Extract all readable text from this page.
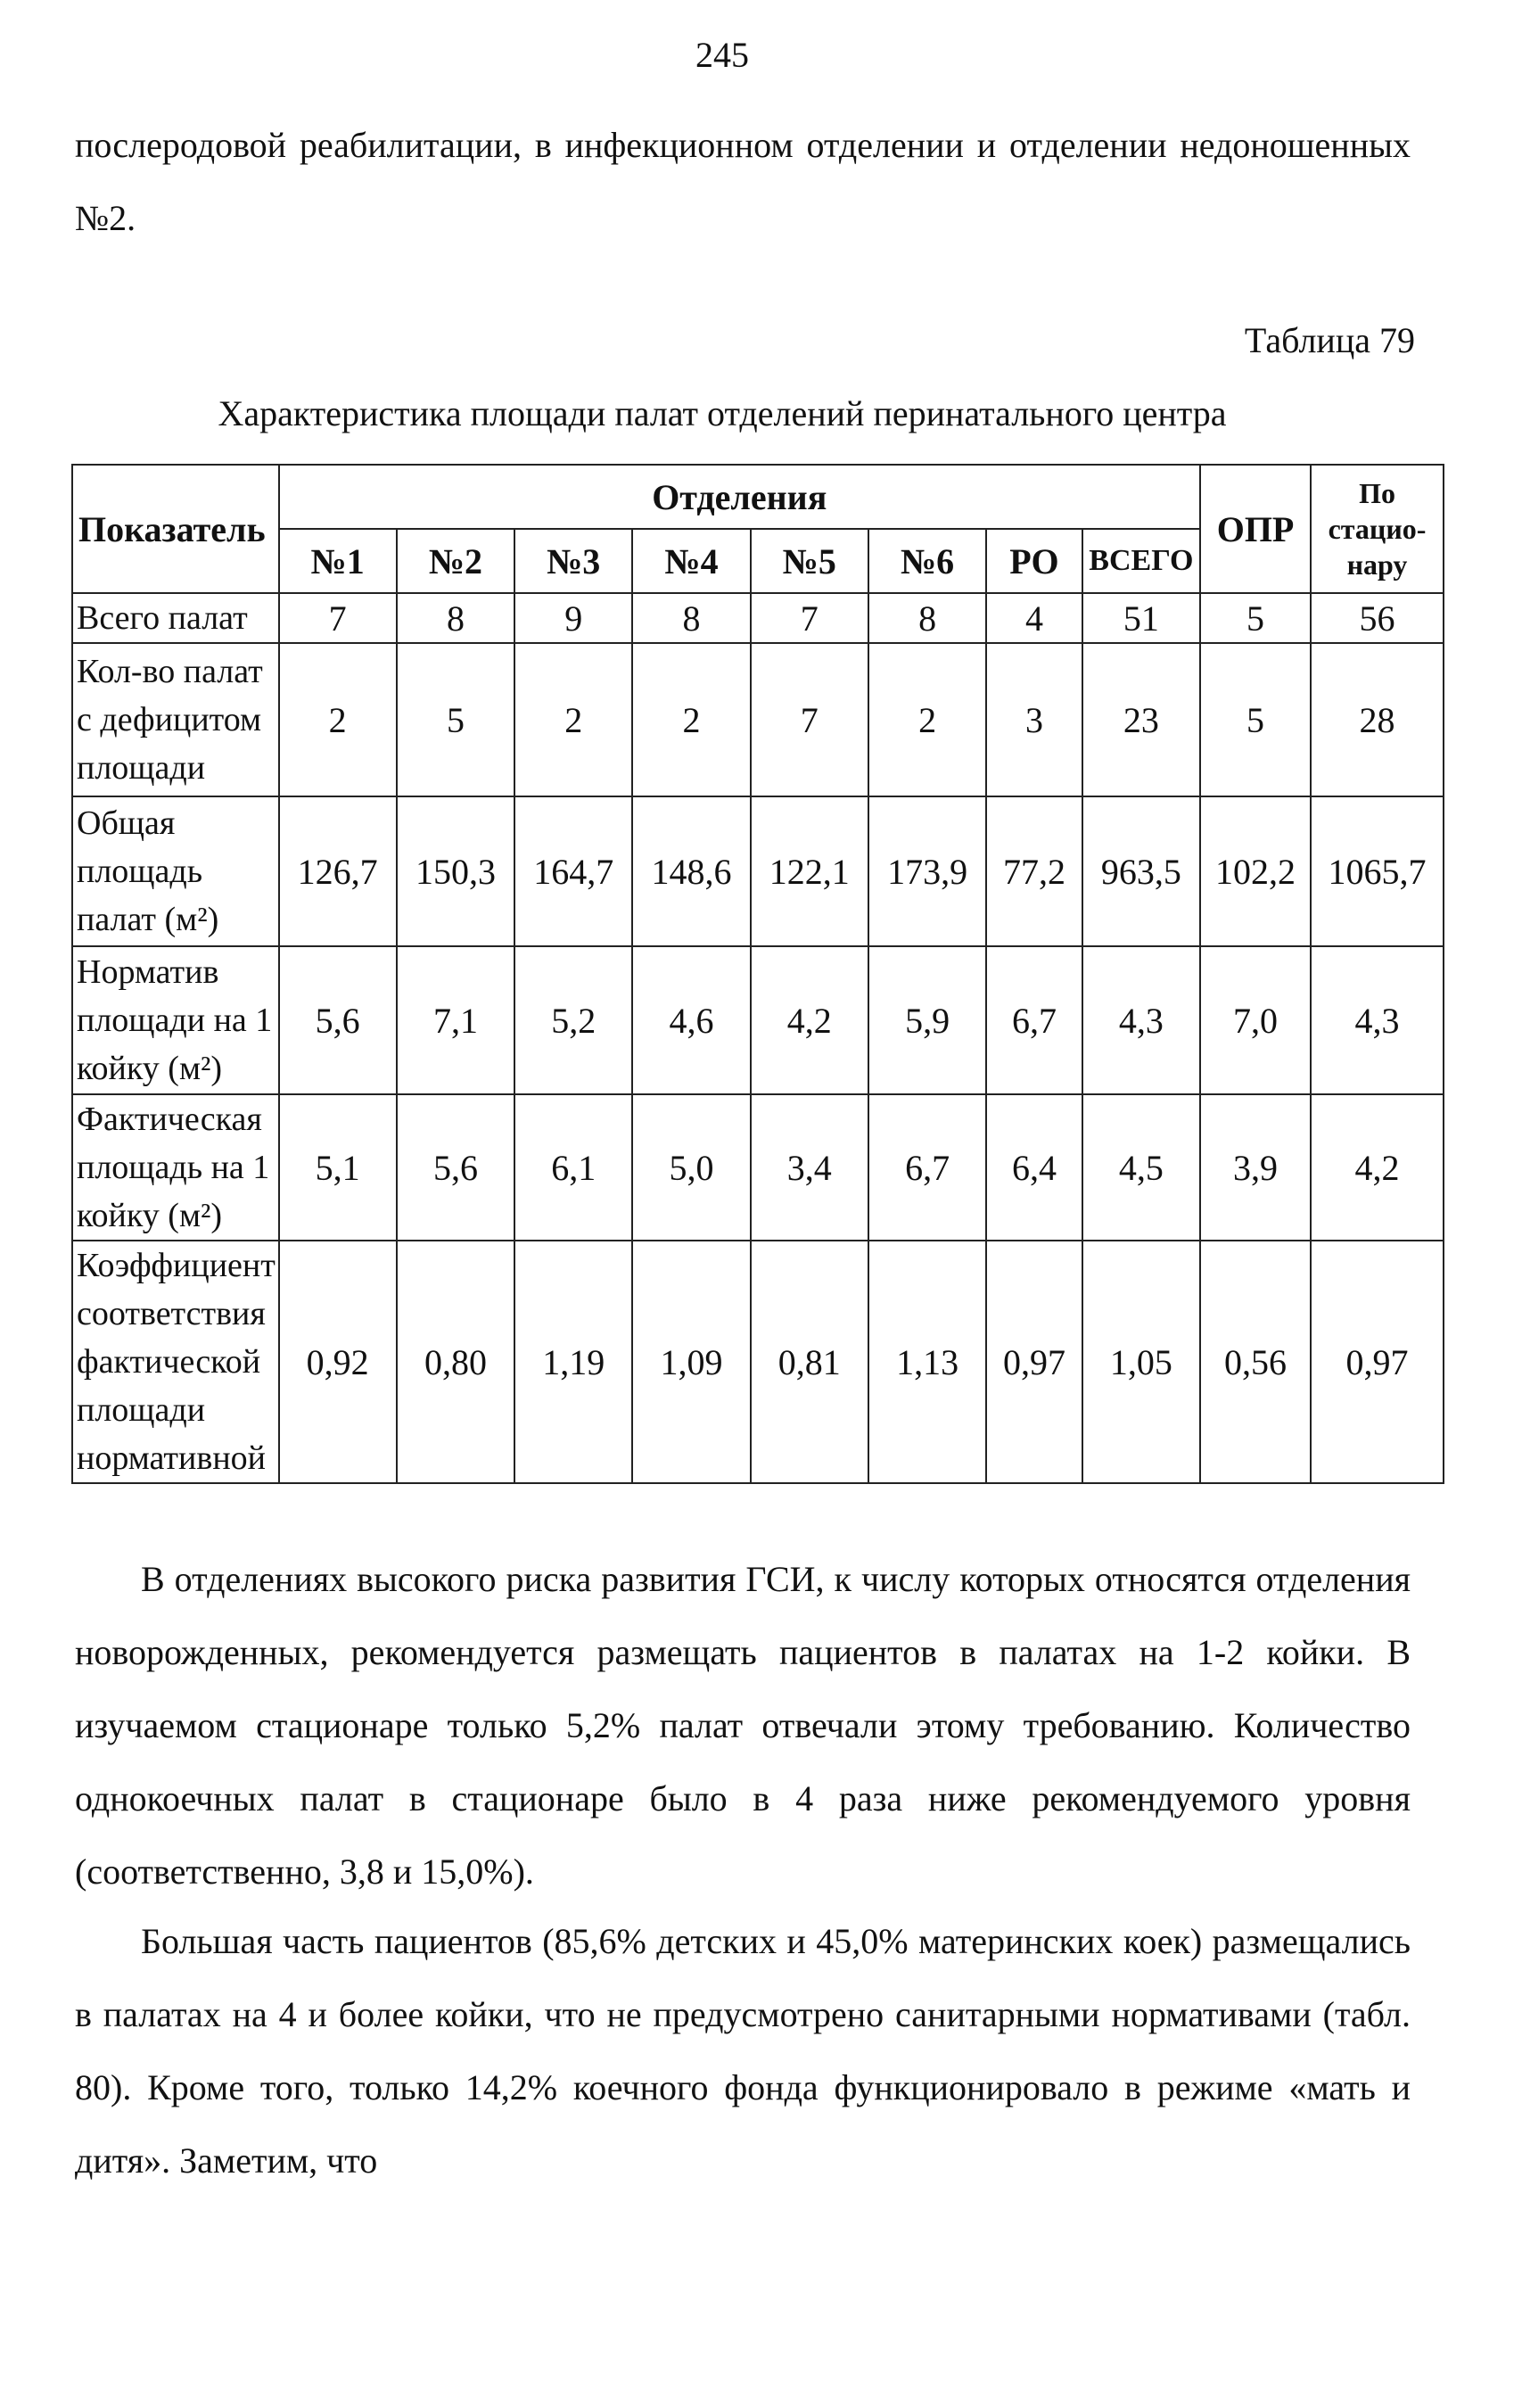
245

послеродовой реабилитации, в инфекционном отделении и отделении недоношенных №2.

Таблица 79
Характеристика площади палат отделений перинатального центра
Показатель	Отделения								ОПР	По стацио-нару
	№1	№2	№3	№4	№5	№6	РО	ВСЕГО		
Всего палат	7	8	9	8	7	8	4	51	5	56
Кол-во палат с дефицитом площади	2	5	2	2	7	2	3	23	5	28
Общая площадь палат (м²)	126,7	150,3	164,7	148,6	122,1	173,9	77,2	963,5	102,2	1065,7
Норматив площади на 1 койку (м²)	5,6	7,1	5,2	4,6	4,2	5,9	6,7	4,3	7,0	4,3
Фактическая площадь на 1 койку (м²)	5,1	5,6	6,1	5,0	3,4	6,7	6,4	4,5	3,9	4,2
Коэффициент соответствия фактической площади нормативной	0,92	0,80	1,19	1,09	0,81	1,13	0,97	1,05	0,56	0,97

В отделениях высокого риска развития ГСИ, к числу которых относятся отделения новорожденных, рекомендуется размещать пациентов в палатах на 1-2 койки. В изучаемом стационаре только 5,2% палат отвечали этому требованию. Количество однокоечных палат в стационаре было в 4 раза ниже рекомендуемого уровня (соответственно, 3,8 и 15,0%).

Большая часть пациентов (85,6% детских и 45,0% материнских коек) размещались в палатах на 4 и более койки, что не предусмотрено санитарными нормативами (табл. 80). Кроме того, только 14,2% коечного фонда функционировало в режиме «мать и дитя». Заметим, что
